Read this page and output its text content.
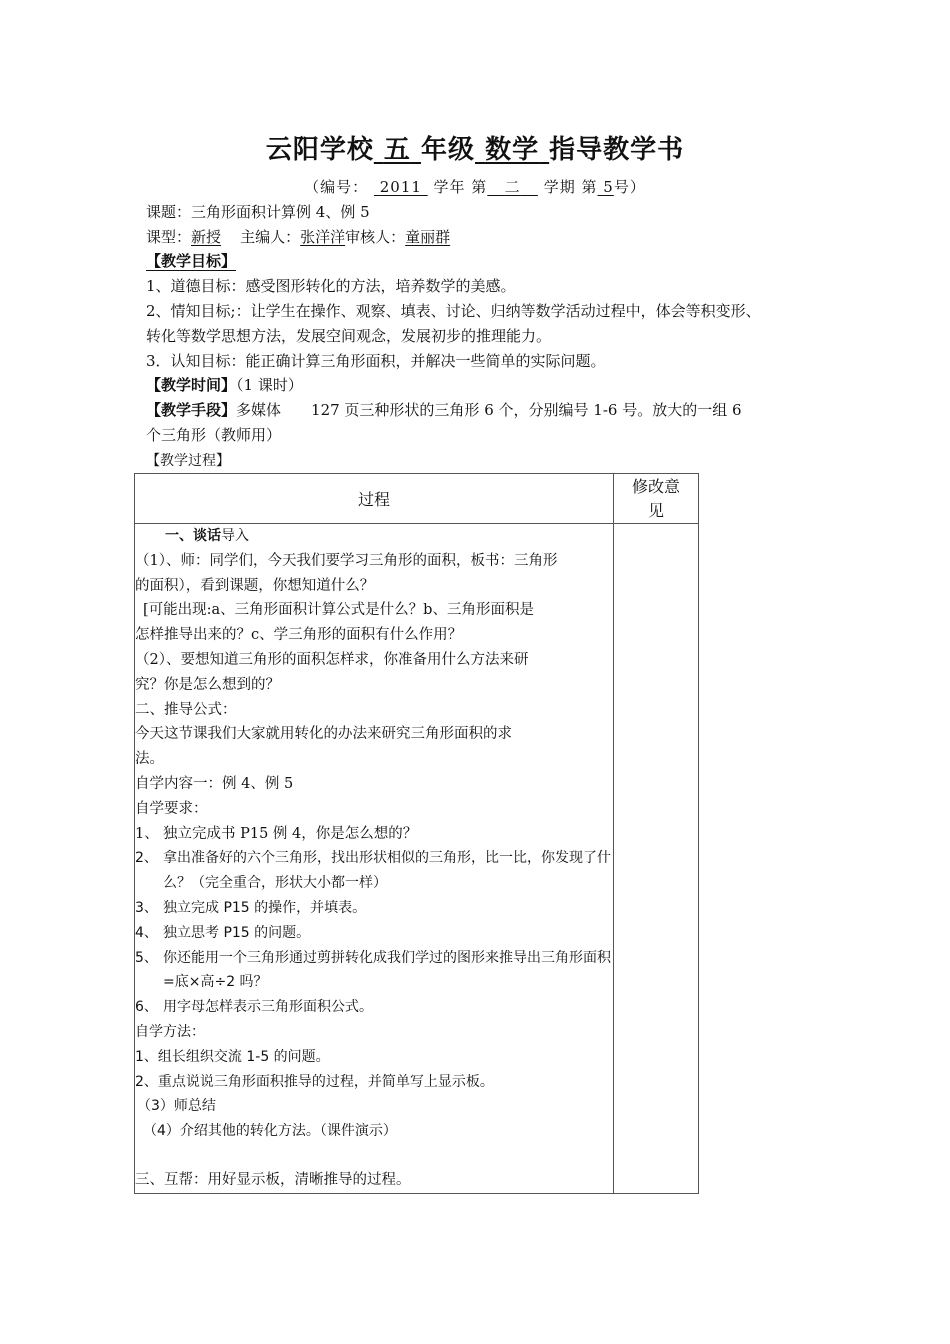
云阳学校 五 年级 数学 指导教学书
（编号： 2011 学年 第 二 学期 第 5号）
课题：三角形面积计算例 4、例 5
课型：新授 主编人：张洋洋审核人：童丽群
【教学目标】
1、道德目标：感受图形转化的方法，培养数学的美感。
2、情知目标;：让学生在操作、观察、填表、讨论、归纳等数学活动过程中，体会等积变形、
转化等数学思想方法，发展空间观念，发展初步的推理能力。
3．认知目标：能正确计算三角形面积，并解决一些简单的实际问题。
【教学时间】（1 课时）
【教学手段】多媒体 127 页三种形状的三角形 6 个，分别编号 1-6 号。放大的一组 6
个三角形（教师用）
【教学过程】
过程	修改意
见

一、谈话导入

（1）、师：同学们，今天我们要学习三角形的面积，板书：三角形

的面积），看到课题，你想知道什么？

[可能出现:a、三角形面积计算公式是什么？b、三角形面积是

怎样推导出来的？c、学三角形的面积有什么作用？

（2）、要想知道三角形的面积怎样求，你准备用什么方法来研

究？你是怎么想到的？

二、推导公式：

今天这节课我们大家就用转化的办法来研究三角形面积的求

法。

自学内容一：例 4、例 5

自学要求：

1、 独立完成书 P15 例 4，你是怎么想的？

2、 拿出准备好的六个三角形，找出形状相似的三角形，比一比，你发现了什么？（完全重合，形状大小都一样）

3、 独立完成 P15 的操作，并填表。

4、 独立思考 P15 的问题。

5、 你还能用一个三角形通过剪拼转化成我们学过的图形来推导出三角形面积=底×高÷2 吗？

6、 用字母怎样表示三角形面积公式。

自学方法：

1、组长组织交流 1-5 的问题。

2、重点说说三角形面积推导的过程，并简单写上显示板。

（3）师总结

（4）介绍其他的转化方法。（课件演示）

三、互帮：用好显示板，清晰推导的过程。
